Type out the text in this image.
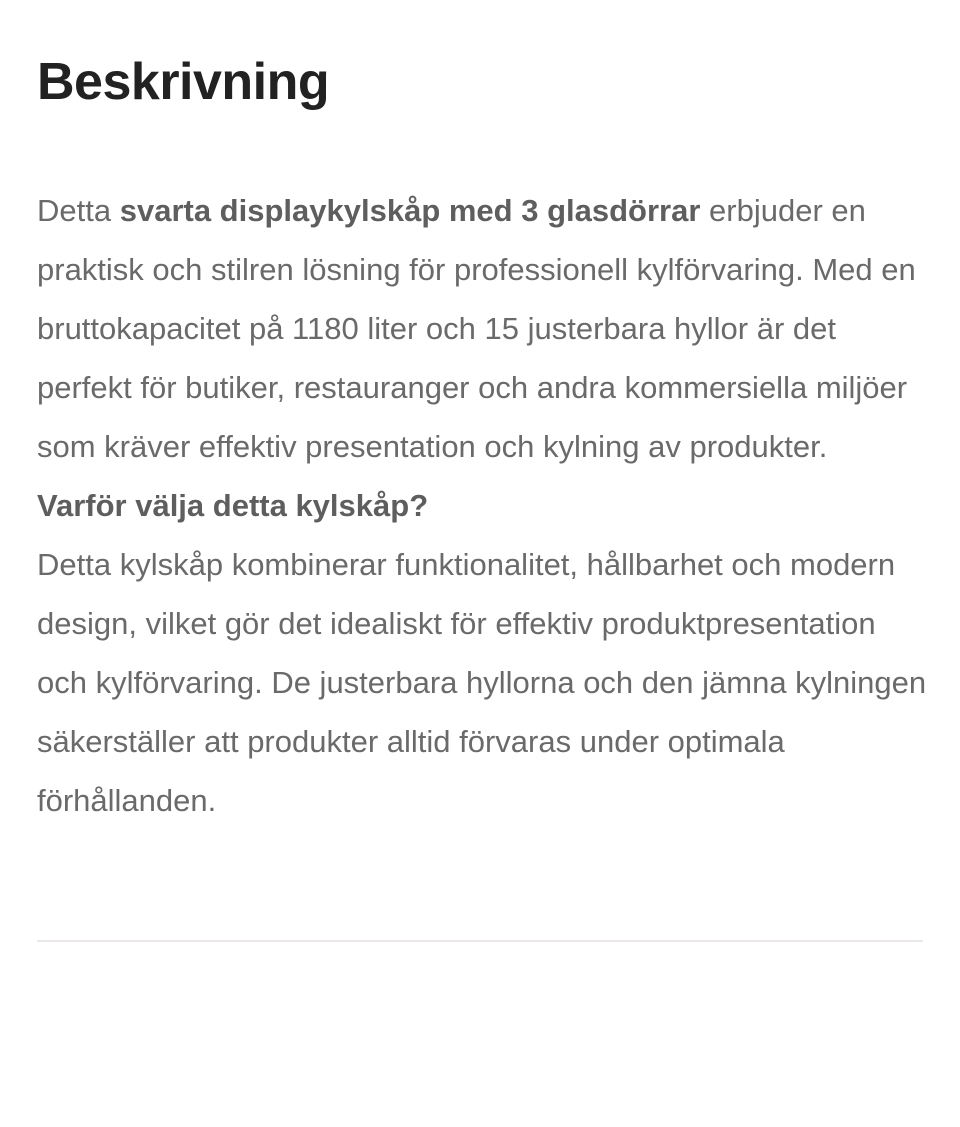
Beskrivning

Detta svarta displaykylskåp med 3 glasdörrar erbjuder en praktisk och stilren lösning för professionell kylförvaring. Med en bruttokapacitet på 1180 liter och 15 justerbara hyllor är det perfekt för butiker, restauranger och andra kommersiella miljöer som kräver effektiv presentation och kylning av produkter.

Varför välja detta kylskåp?

Detta kylskåp kombinerar funktionalitet, hållbarhet och modern design, vilket gör det idealiskt för effektiv produktpresentation och kylförvaring. De justerbara hyllorna och den jämna kylningen säkerställer att produkter alltid förvaras under optimala förhållanden.
